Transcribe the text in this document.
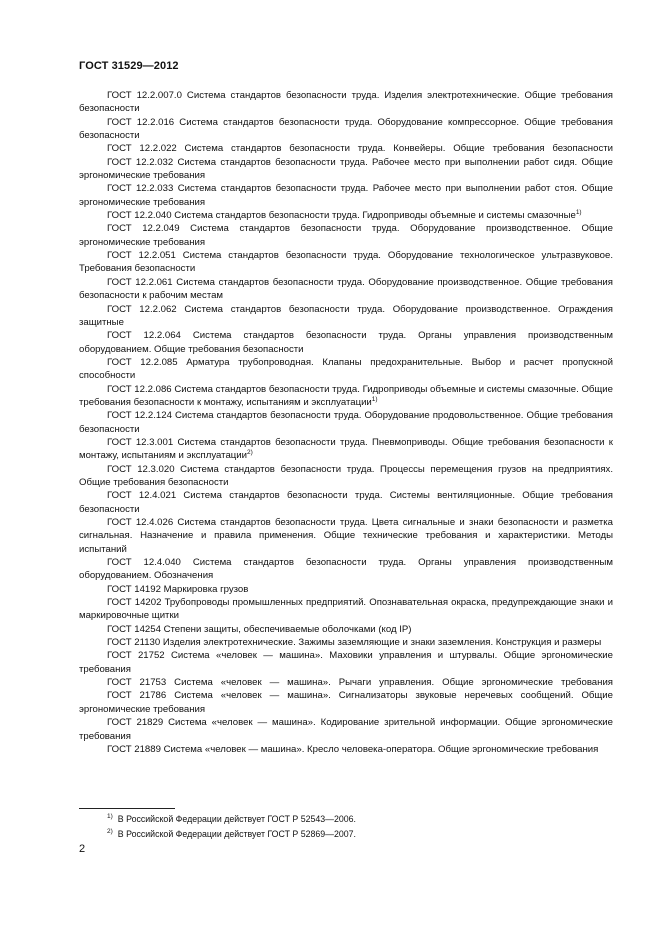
ГОСТ 31529—2012

ГОСТ 12.2.007.0 Система стандартов безопасности труда. Изделия электротехнические. Общие требования безопасности

ГОСТ 12.2.016 Система стандартов безопасности труда. Оборудование компрессорное. Общие требования безопасности

ГОСТ 12.2.022 Система стандартов безопасности труда. Конвейеры. Общие требования безопасности

ГОСТ 12.2.032 Система стандартов безопасности труда. Рабочее место при выполнении работ сидя. Общие эргономические требования

ГОСТ 12.2.033 Система стандартов безопасности труда. Рабочее место при выполнении работ стоя. Общие эргономические требования

ГОСТ 12.2.040 Система стандартов безопасности труда. Гидроприводы объемные и системы смазочные$^{1)}$

ГОСТ 12.2.049 Система стандартов безопасности труда. Оборудование производственное. Общие эргономические требования

ГОСТ 12.2.051 Система стандартов безопасности труда. Оборудование технологическое ультразвуковое. Требования безопасности

ГОСТ 12.2.061 Система стандартов безопасности труда. Оборудование производственное. Общие требования безопасности к рабочим местам

ГОСТ 12.2.062 Система стандартов безопасности труда. Оборудование производственное. Ограждения защитные

ГОСТ 12.2.064 Система стандартов безопасности труда. Органы управления производственным оборудованием. Общие требования безопасности

ГОСТ 12.2.085 Арматура трубопроводная. Клапаны предохранительные. Выбор и расчет пропускной способности

ГОСТ 12.2.086 Система стандартов безопасности труда. Гидроприводы объемные и системы смазочные. Общие требования безопасности к монтажу, испытаниям и эксплуатации$^{1)}$

ГОСТ 12.2.124 Система стандартов безопасности труда. Оборудование продовольственное. Общие требования безопасности

ГОСТ 12.3.001 Система стандартов безопасности труда. Пневмоприводы. Общие требования безопасности к монтажу, испытаниям и эксплуатации$^{2)}$

ГОСТ 12.3.020 Система стандартов безопасности труда. Процессы перемещения грузов на предприятиях. Общие требования безопасности

ГОСТ 12.4.021 Система стандартов безопасности труда. Системы вентиляционные. Общие требования безопасности

ГОСТ 12.4.026 Система стандартов безопасности труда. Цвета сигнальные и знаки безопасности и разметка сигнальная. Назначение и правила применения. Общие технические требования и характеристики. Методы испытаний

ГОСТ 12.4.040 Система стандартов безопасности труда. Органы управления производственным оборудованием. Обозначения

ГОСТ 14192 Маркировка грузов

ГОСТ 14202 Трубопроводы промышленных предприятий. Опознавательная окраска, предупреждающие знаки и маркировочные щитки

ГОСТ 14254 Степени защиты, обеспечиваемые оболочками (код IP)

ГОСТ 21130 Изделия электротехнические. Зажимы заземляющие и знаки заземления. Конструкция и размеры

ГОСТ 21752 Система «человек — машина». Маховики управления и штурвалы. Общие эргономические требования

ГОСТ 21753 Система «человек — машина». Рычаги управления. Общие эргономические требования

ГОСТ 21786 Система «человек — машина». Сигнализаторы звуковые неречевых сообщений. Общие эргономические требования

ГОСТ 21829 Система «человек — машина». Кодирование зрительной информации. Общие эргономические требования

ГОСТ 21889 Система «человек — машина». Кресло человека-оператора. Общие эргономические требования

$^{1)}$ В Российской Федерации действует ГОСТ Р 52543—2006.
$^{2)}$ В Российской Федерации действует ГОСТ Р 52869—2007.
2
